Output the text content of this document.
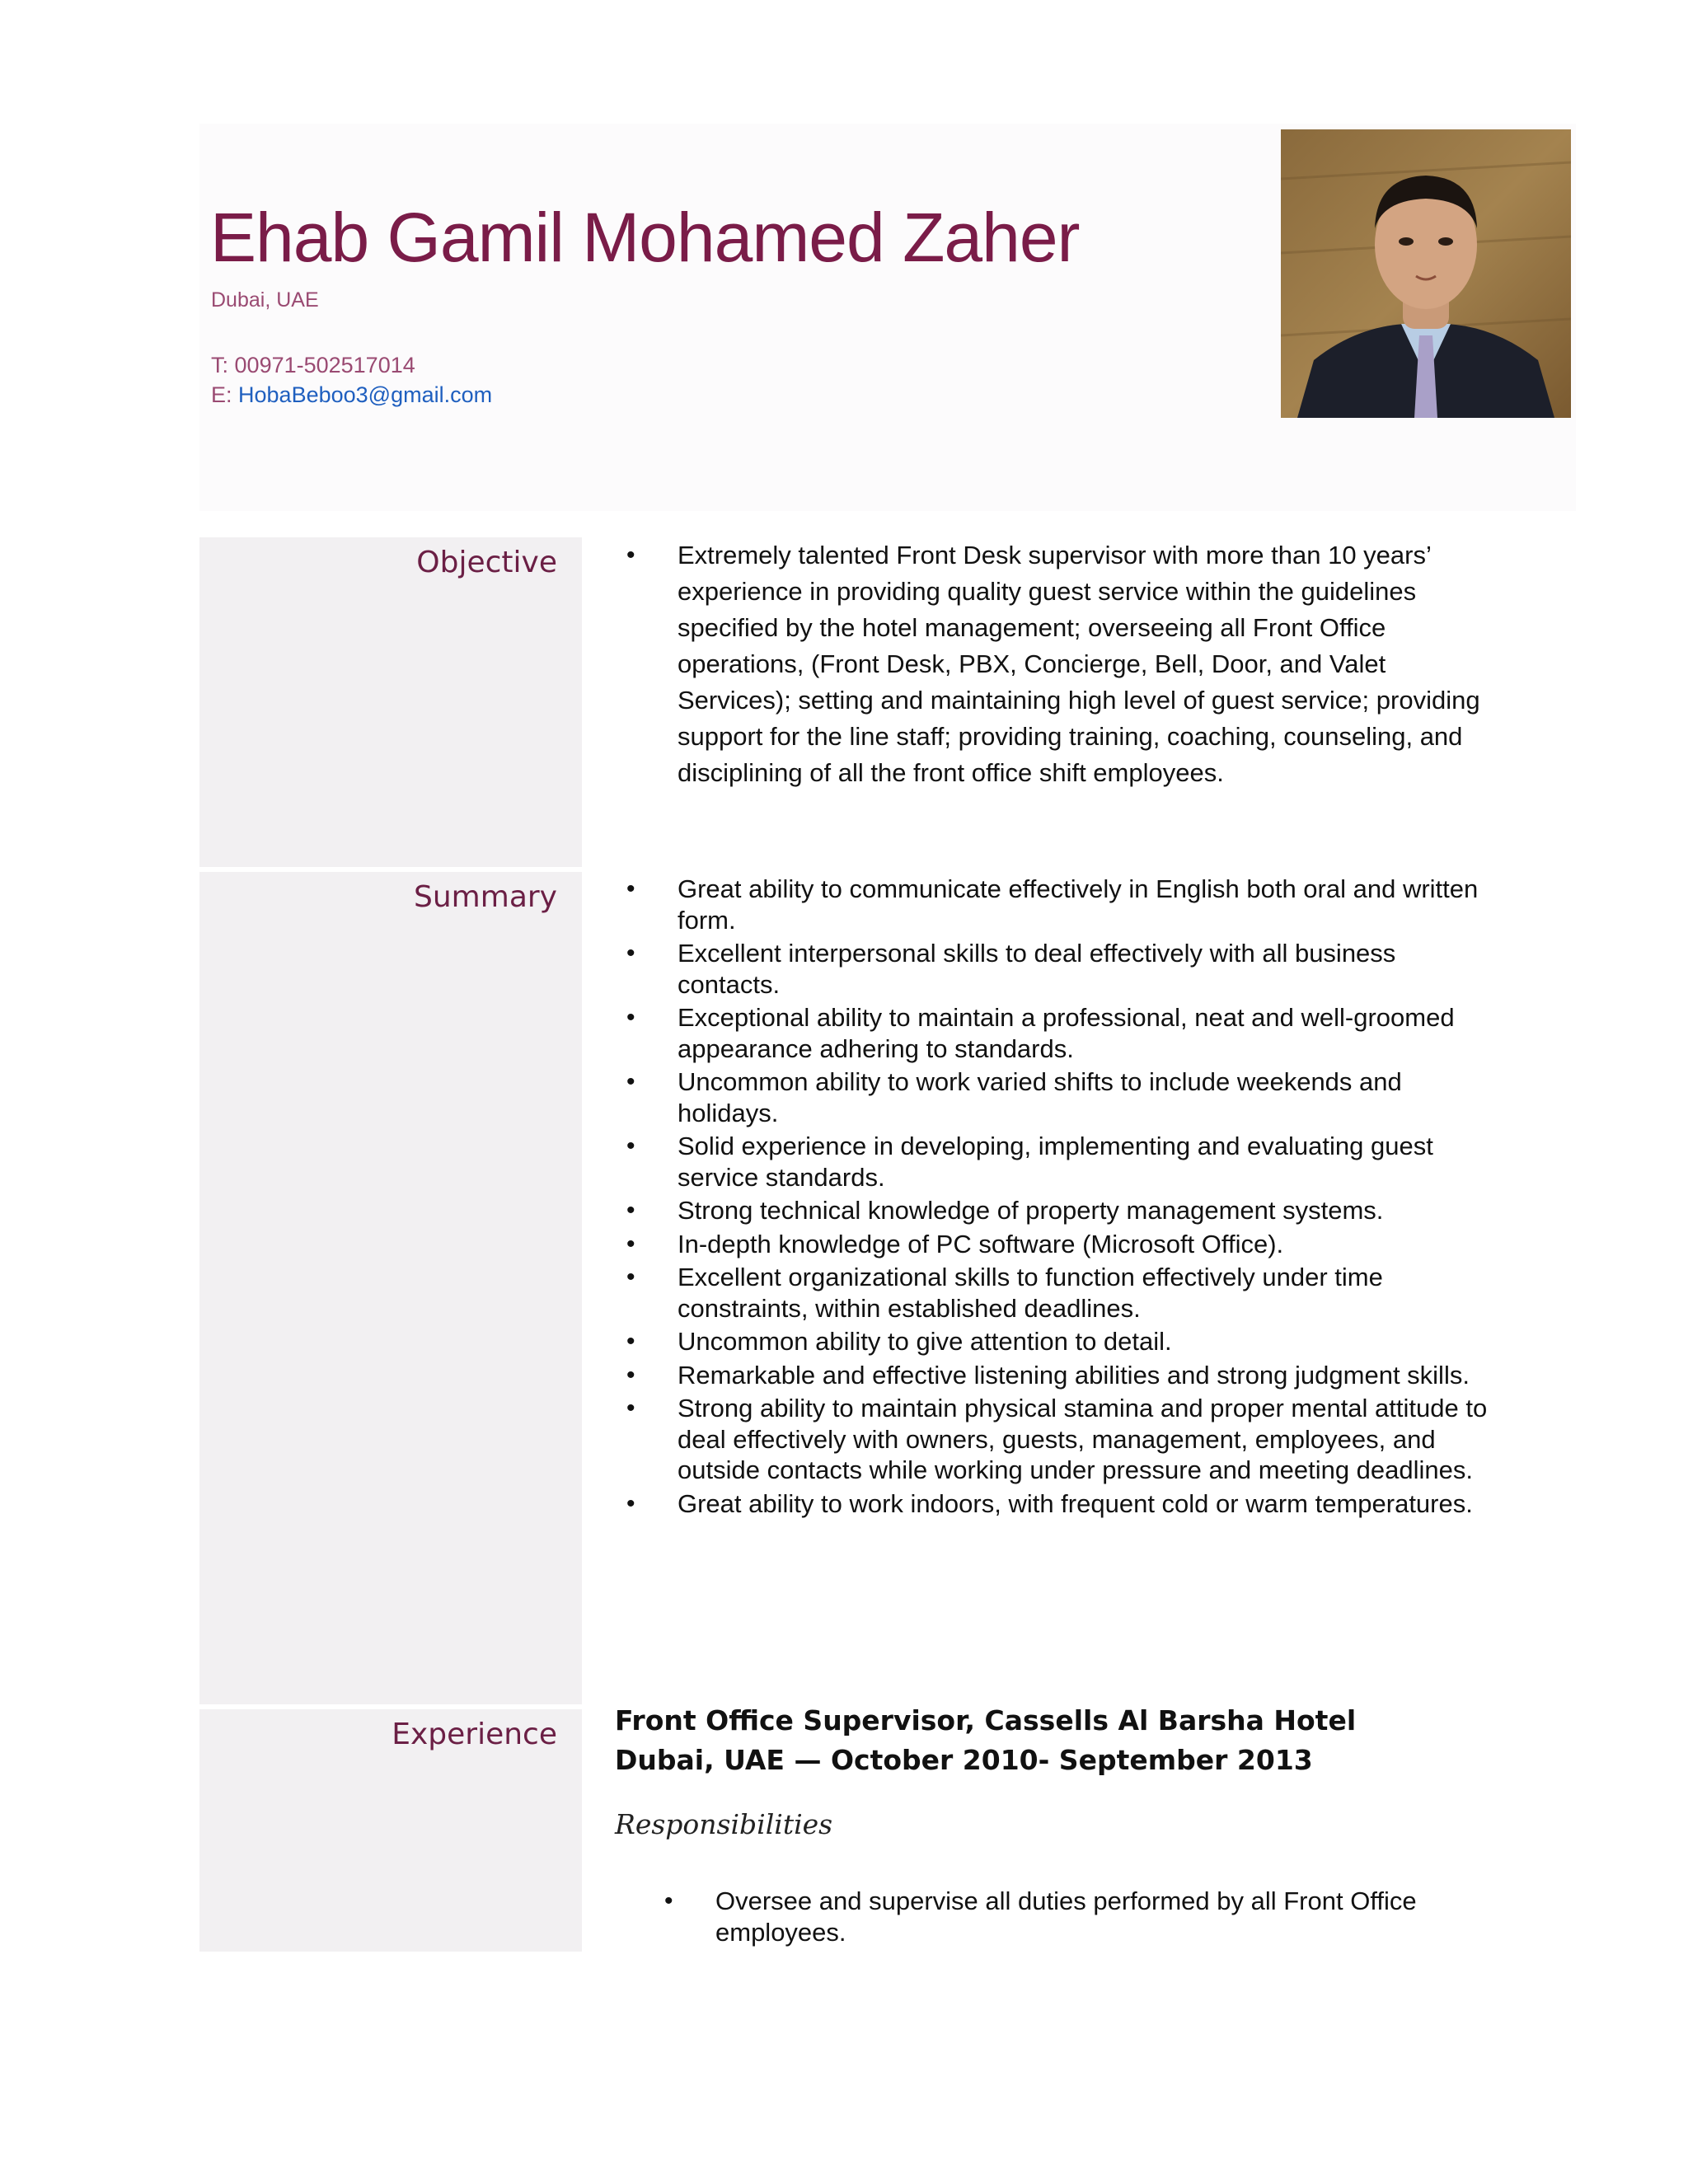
Ehab Gamil Mohamed Zaher
Dubai, UAE
T: 00971-502517014
E: HobaBeboo3@gmail.com
Objective	• Extremely talented Front Desk supervisor with more than 10 years’ experience in providing quality guest service within the guidelines specified by the hotel management; overseeing all Front Office operations, (Front Desk, PBX, Concierge, Bell, Door, and Valet Services); setting and maintaining high level of guest service; providing support for the line staff; providing training, coaching, counseling, and disciplining of all the front office shift employees.
Summary	• Great ability to communicate effectively in English both oral and written form.
• Excellent interpersonal skills to deal effectively with all business contacts.
• Exceptional ability to maintain a professional, neat and well-groomed appearance adhering to standards.
• Uncommon ability to work varied shifts to include weekends and holidays.
• Solid experience in developing, implementing and evaluating guest service standards.
• Strong technical knowledge of property management systems.
• In-depth knowledge of PC software (Microsoft Office).
• Excellent organizational skills to function effectively under time constraints, within established deadlines.
• Uncommon ability to give attention to detail.
• Remarkable and effective listening abilities and strong judgment skills.
• Strong ability to maintain physical stamina and proper mental attitude to deal effectively with owners, guests, management, employees, and outside contacts while working under pressure and meeting deadlines.
• Great ability to work indoors, with frequent cold or warm temperatures.
Experience Front Office Supervisor, Cassells Al Barsha Hotel
Dubai, UAE — October 2010- September 2013
Responsibilities
• Oversee and supervise all duties performed by all Front Office employees.
